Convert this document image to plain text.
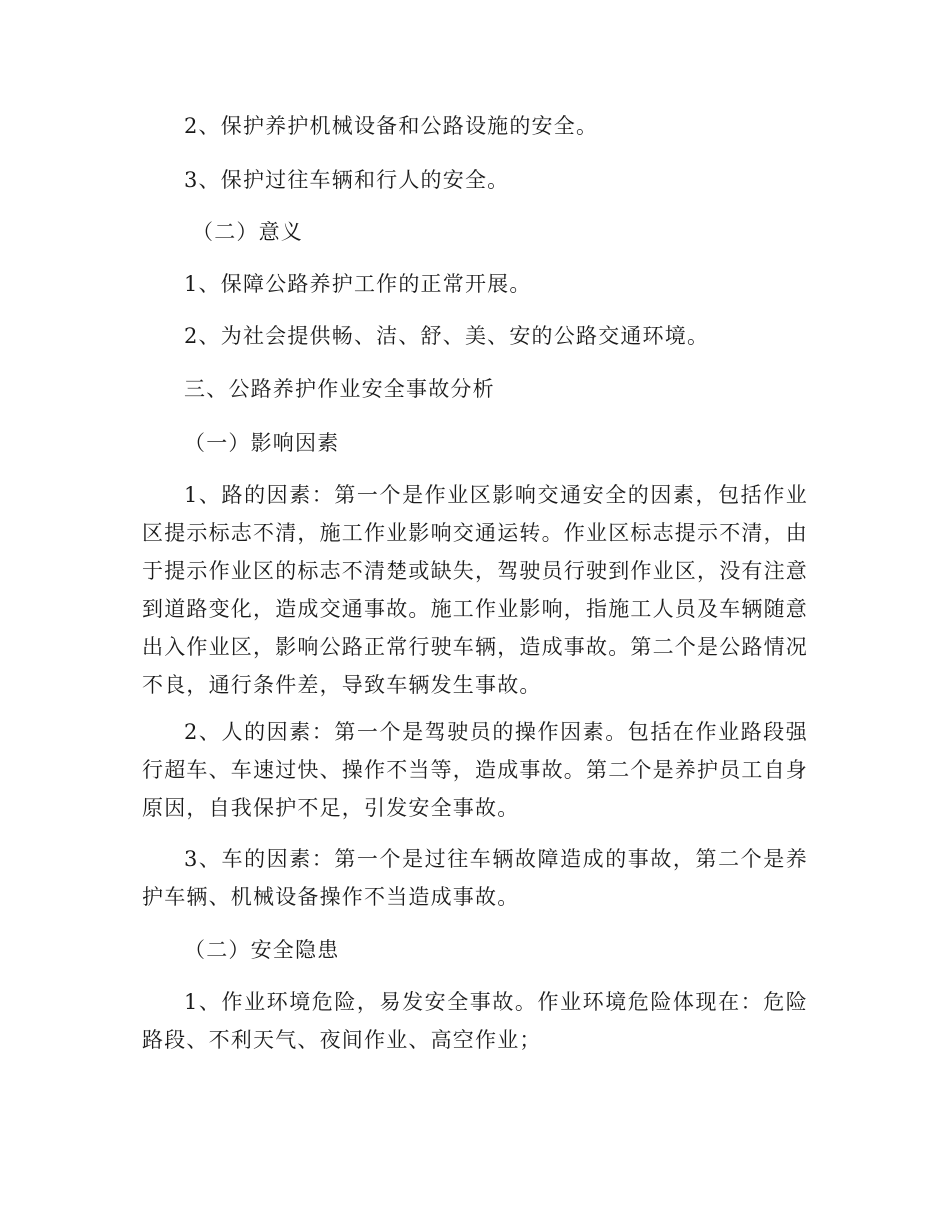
2、保护养护机械设备和公路设施的安全。
3、保护过往车辆和行人的安全。
（二）意义
1、保障公路养护工作的正常开展。
2、为社会提供畅、洁、舒、美、安的公路交通环境。
三、公路养护作业安全事故分析
（一）影响因素
1、路的因素：第一个是作业区影响交通安全的因素，包括作业区提示标志不清，施工作业影响交通运转。作业区标志提示不清，由于提示作业区的标志不清楚或缺失，驾驶员行驶到作业区，没有注意到道路变化，造成交通事故。施工作业影响，指施工人员及车辆随意出入作业区，影响公路正常行驶车辆，造成事故。第二个是公路情况不良，通行条件差，导致车辆发生事故。
2、人的因素：第一个是驾驶员的操作因素。包括在作业路段强行超车、车速过快、操作不当等，造成事故。第二个是养护员工自身原因，自我保护不足，引发安全事故。
3、车的因素：第一个是过往车辆故障造成的事故，第二个是养护车辆、机械设备操作不当造成事故。
（二）安全隐患
1、作业环境危险，易发安全事故。作业环境危险体现在：危险路段、不利天气、夜间作业、高空作业；
